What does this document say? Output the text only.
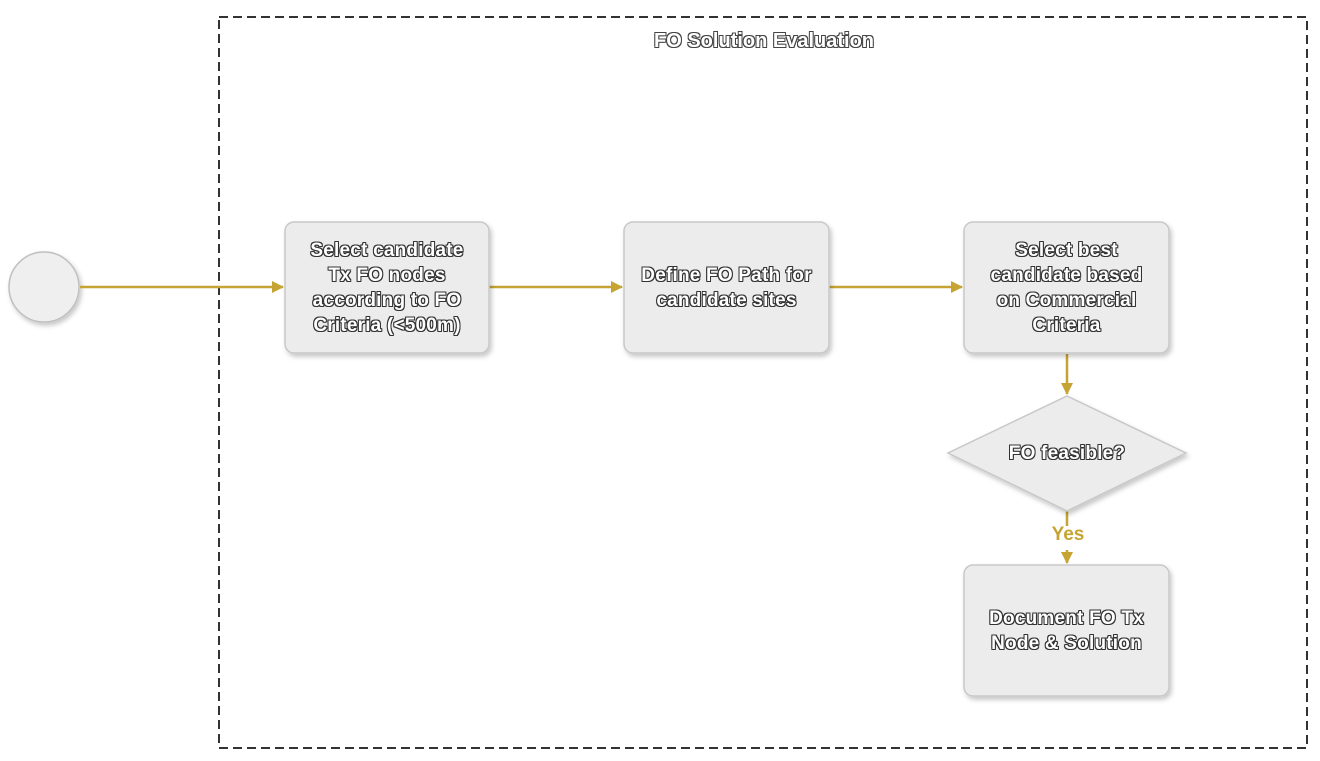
FO Solution Evaluation
Select candidate
Tx FO nodes
according to FO
Criteria (<500m)
Define FO Path for
candidate sites
Select best
candidate based
on Commercial
Criteria
FO feasible?
Yes
Document FO Tx
Node & Solution
